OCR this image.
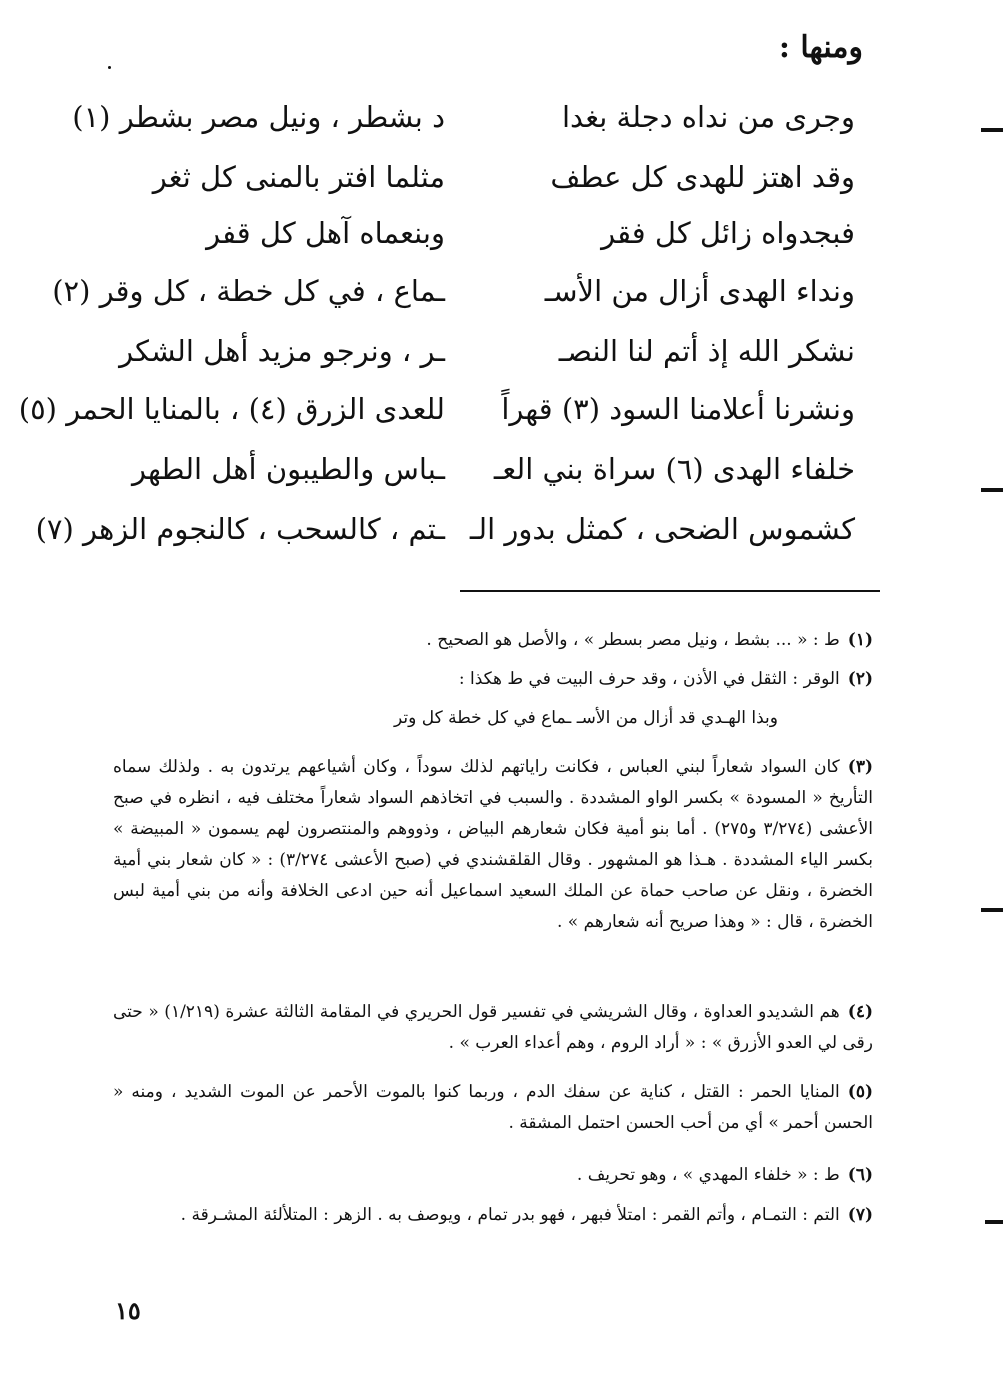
ومنها :
وجرى من نداه دجلة بغدا
د بشطر ، ونيل مصر بشطر (١)
وقد اهتز للهدى كل عطف
مثلما افتر بالمنى كل ثغر
فبجدواه زائل كل فقر
وبنعماه آهل كل قفر
ونداء الهدى أزال من الأسـ
ـماع ، في كل خطة ، كل وقر (٢)
نشكر الله إذ أتم لنا النصـ
ـر ، ونرجو مزيد أهل الشكر
ونشرنا أعلامنا السود (٣) قهراً
للعدى الزرق (٤) ، بالمنايا الحمر (٥)
خلفاء الهدى (٦) سراة بني العـ
ـباس والطيبون أهل الطهر
كشموس الضحى ، كمثل بدور الـ
ـتم ، كالسحب ، كالنجوم الزهر (٧)
(١)ط : « ... بشط ، ونيل مصر بسطر » ، والأصل هو الصحيح .
(٢)الوقر : الثقل في الأذن ، وقد حرف البيت في ط هكذا :
وبذا الهـدي قد أزال من الأسـ ـماع في كل خطة كل وتر
(٣)كان السواد شعاراً لبني العباس ، فكانت راياتهم لذلك سوداً ، وكان أشياعهم يرتدون به . ولذلك سماه التأريخ « المسودة » بكسر الواو المشددة . والسبب في اتخاذهم السواد شعاراً مختلف فيه ، انظره في صبح الأعشى (٣/٢٧٤ و٢٧٥) . أما بنو أمية فكان شعارهم البياض ، وذووهم والمنتصرون لهم يسمون « المبيضة » بكسر الياء المشددة . هـذا هو المشهور . وقال القلقشندي في (صبح الأعشى ٣/٢٧٤) : « كان شعار بني أمية الخضرة ، ونقل عن صاحب حماة عن الملك السعيد اسماعيل أنه حين ادعى الخلافة وأنه من بني أمية لبس الخضرة ، قال : « وهذا صريح أنه شعارهم » .
(٤)هم الشديدو العداوة ، وقال الشريشي في تفسير قول الحريري في المقامة الثالثة عشرة (١/٢١٩) « حتى رقى لي العدو الأزرق » : « أراد الروم ، وهم أعداء العرب » .
(٥)المنايا الحمر : القتل ، كناية عن سفك الدم ، وربما كنوا بالموت الأحمر عن الموت الشديد ، ومنه « الحسن أحمر » أي من أحب الحسن احتمل المشقة .
(٦)ط : « خلفاء المهدي » ، وهو تحريف .
(٧)التم : التمـام ، وأتم القمر : امتلأ فبهر ، فهو بدر تمام ، ويوصف به . الزهر : المتلألئة المشـرقة .
١٥
